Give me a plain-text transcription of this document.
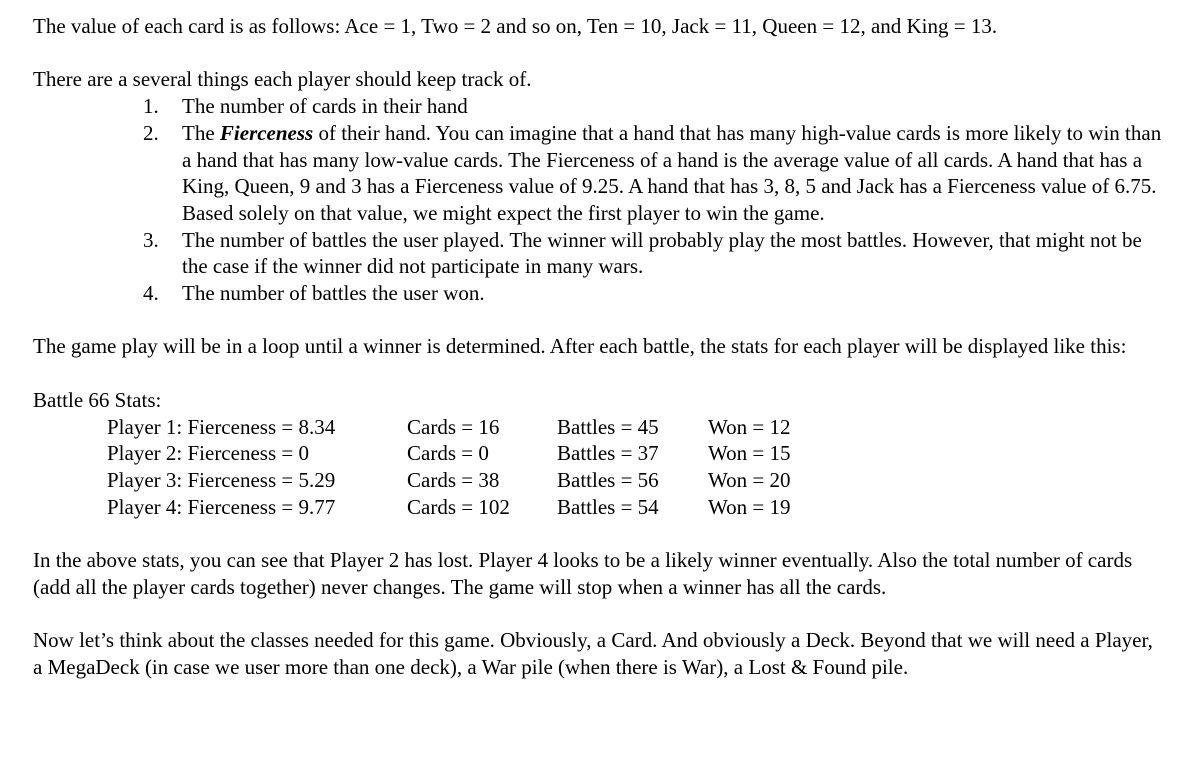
The value of each card is as follows: Ace = 1, Two = 2 and so on, Ten = 10, Jack = 11, Queen = 12, and King = 13.

There are a several things each player should keep track of.

1. The number of cards in their hand
2. The Fierceness of their hand. You can imagine that a hand that has many high-value cards is more likely to win than a hand that has many low-value cards. The Fierceness of a hand is the average value of all cards. A hand that has a King, Queen, 9 and 3 has a Fierceness value of 9.25. A hand that has 3, 8, 5 and Jack has a Fierceness value of 6.75. Based solely on that value, we might expect the first player to win the game.
3. The number of battles the user played. The winner will probably play the most battles. However, that might not be the case if the winner did not participate in many wars.
4. The number of battles the user won.

The game play will be in a loop until a winner is determined. After each battle, the stats for each player will be displayed like this:

Battle 66 Stats:

Player 1: Fierceness = 8.34	Cards = 16	Battles = 45 Won = 12
Player 2: Fierceness = 0	Cards = 0	Battles = 37 Won = 15
Player 3: Fierceness = 5.29	Cards = 38	Battles = 56 Won = 20
Player 4: Fierceness = 9.77	Cards = 102 Battles = 54 Won = 19

In the above stats, you can see that Player 2 has lost. Player 4 looks to be a likely winner eventually. Also the total number of cards (add all the player cards together) never changes. The game will stop when a winner has all the cards.

Now let’s think about the classes needed for this game. Obviously, a Card. And obviously a Deck. Beyond that we will need a Player, a MegaDeck (in case we user more than one deck), a War pile (when there is War), a Lost & Found pile.
